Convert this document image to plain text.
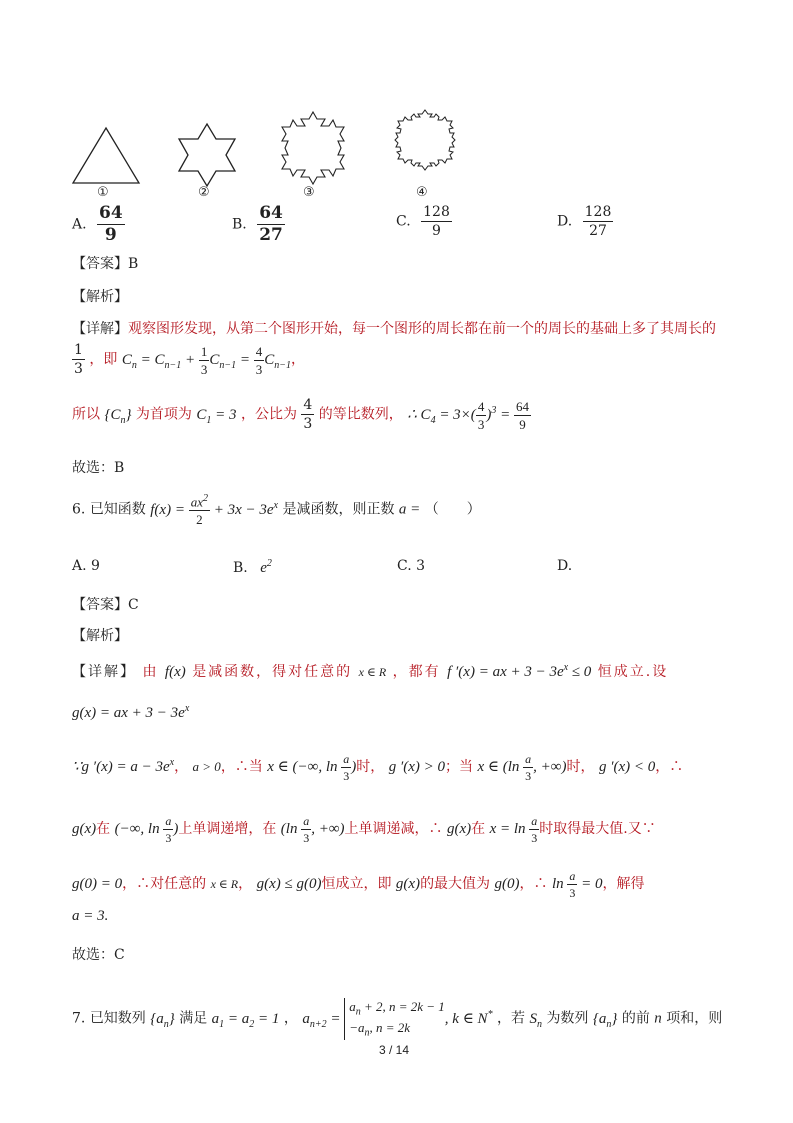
①	②	③	④
A. $\frac{64}{9}$	B. $\frac{64}{27}$	C. $\frac{128}{9}$	D. $\frac{128}{27}$
【答案】B
【解析】
【详解】观察图形发现，从第二个图形开始，每一个图形的周长都在前一个的周长的基础上多了其周长的
$\frac{1}{3}$ ，即 $C_n = C_{n-1} + \frac{1}{3} C_{n-1} = \frac{4}{3} C_{n-1}$，
所以 $\{C_n\}$ 为首项为 $C_1 = 3$ ，公比为 $\frac{4}{3}$ 的等比数列， ∴ $C_4 = 3\times( \frac{4}{3} )^3 = \frac{64}{9}$
故选：B
6. 已知函数 $f(x) = \frac{ax^2}{2} + 3x - 3e^x$ 是减函数，则正数 a = （　　）
A. 9	B. $e^2$	C. 3	D.
【答案】C
【解析】
【详解】 由 f(x) 是减函数，得对任意的 x ∈ R ，都有 f ′(x) = ax + $3 - 3e^x \le 0$ 恒成立.设
g(x) = ax + $3 - 3e^x$
∵g $'(x) = a - 3e^x$， a > 0，∴当 x ∈ (−∞, $\ln \frac{a}{3}$ )时， g ′(x) > 0；当 x ∈ ($\ln \frac{a}{3}$ , +∞)时， g ′(x) < 0，∴
g(x)在 (−∞, $\ln \frac{a}{3}$ )上单调递增，在 ($\ln \frac{a}{3}$ , +∞)上单调递减，∴ g(x)在 $x = \ln \frac{a}{3}$ 时取得最大值.又∵
g(0) = 0，∴对任意的 x ∈ R， g(x) ≤ g(0)恒成立，即 g(x)的最大值为 g(0)，∴ $\ln \frac{a}{3} = 0$，解得
a = 3.
故选：C
7. 已知数列 $\{a_n\}$ 满足 $a_1 = a_2 = 1$ ， $a_{n+2}$ =
$a_n + 2$, n = 2k − 1
$-a_n$, n = 2k
, k ∈ N* ，若 $S_n$ 为数列 $\{a_n\}$ 的前 n 项和，则
3 / 14
